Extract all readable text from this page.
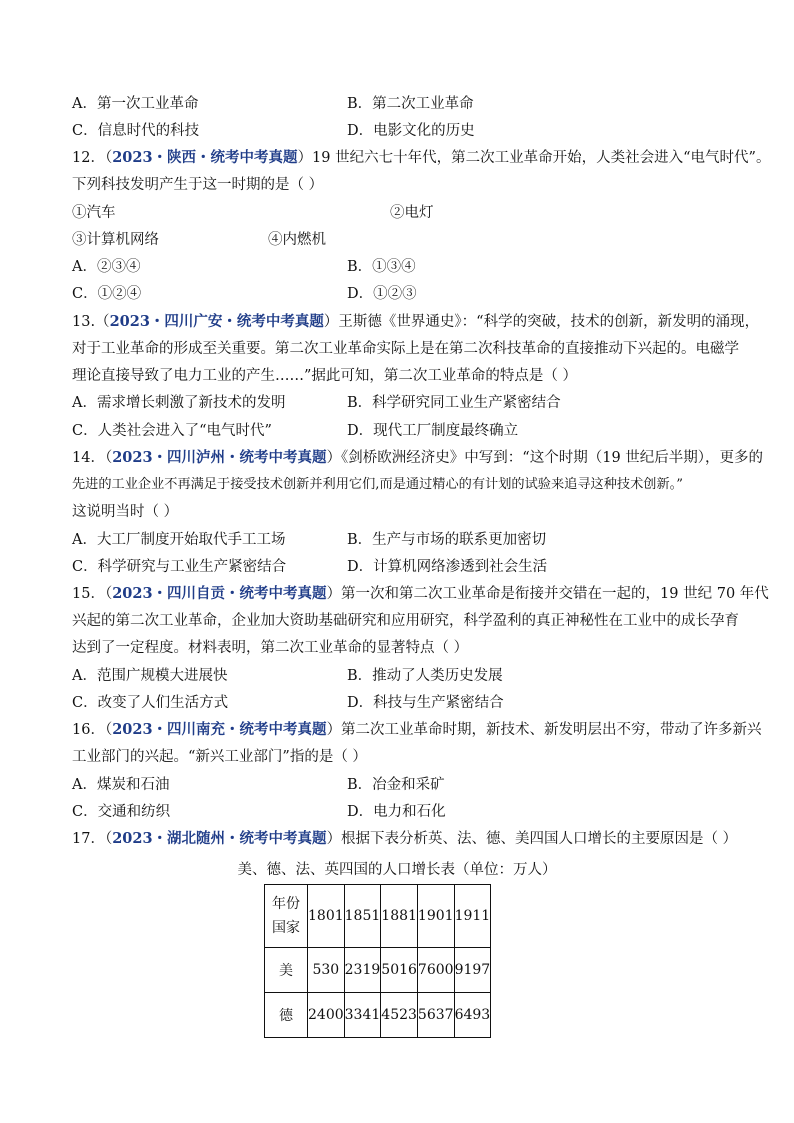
A．第一次工业革命	B．第二次工业革命
C．信息时代的科技	D．电影文化的历史
12．（2023・陕西・统考中考真题）19 世纪六七十年代，第二次工业革命开始，人类社会进入“电气时代”。
下列科技发明产生于这一时期的是（ ）
①汽车	②电灯
③计算机网络	④内燃机
A．②③④	B．①③④
C．①②④	D．①②③
13.（2023・四川广安・统考中考真题）王斯德《世界通史》：“科学的突破，技术的创新，新发明的涌现，
对于工业革命的形成至关重要。第二次工业革命实际上是在第二次科技革命的直接推动下兴起的。电磁学
理论直接导致了电力工业的产生……”据此可知，第二次工业革命的特点是（ ）
A．需求增长刺激了新技术的发明	B．科学研究同工业生产紧密结合
C．人类社会进入了“电气时代”	D．现代工厂制度最终确立
14．（2023・四川泸州・统考中考真题）《剑桥欧洲经济史》中写到：“这个时期（19 世纪后半期），更多的
先进的工业企业不再满足于接受技术创新并利用它们,而是通过精心的有计划的试验来追寻这种技术创新。”
这说明当时（ ）
A．大工厂制度开始取代手工工场	B．生产与市场的联系更加密切
C．科学研究与工业生产紧密结合	D．计算机网络渗透到社会生活
15．（2023・四川自贡・统考中考真题）第一次和第二次工业革命是衔接并交错在一起的，19 世纪 70 年代
兴起的第二次工业革命，企业加大资助基础研究和应用研究，科学盈利的真正神秘性在工业中的成长孕育
达到了一定程度。材料表明，第二次工业革命的显著特点（ ）
A．范围广规模大进展快	B．推动了人类历史发展
C．改变了人们生活方式	D．科技与生产紧密结合
16．（2023・四川南充・统考中考真题）第二次工业革命时期，新技术、新发明层出不穷，带动了许多新兴
工业部门的兴起。“新兴工业部门”指的是（ ）
A．煤炭和石油	B．冶金和采矿
C．交通和纺织	D．电力和石化
17．（2023・湖北随州・统考中考真题）根据下表分析英、法、德、美四国人口增长的主要原因是（ ）
美、德、法、英四国的人口增长表（单位：万人）
年份
国家	1801	1851	1881	1901	1911
美	530	2319	5016	7600	9197
德	2400	3341	4523	5637	6493
